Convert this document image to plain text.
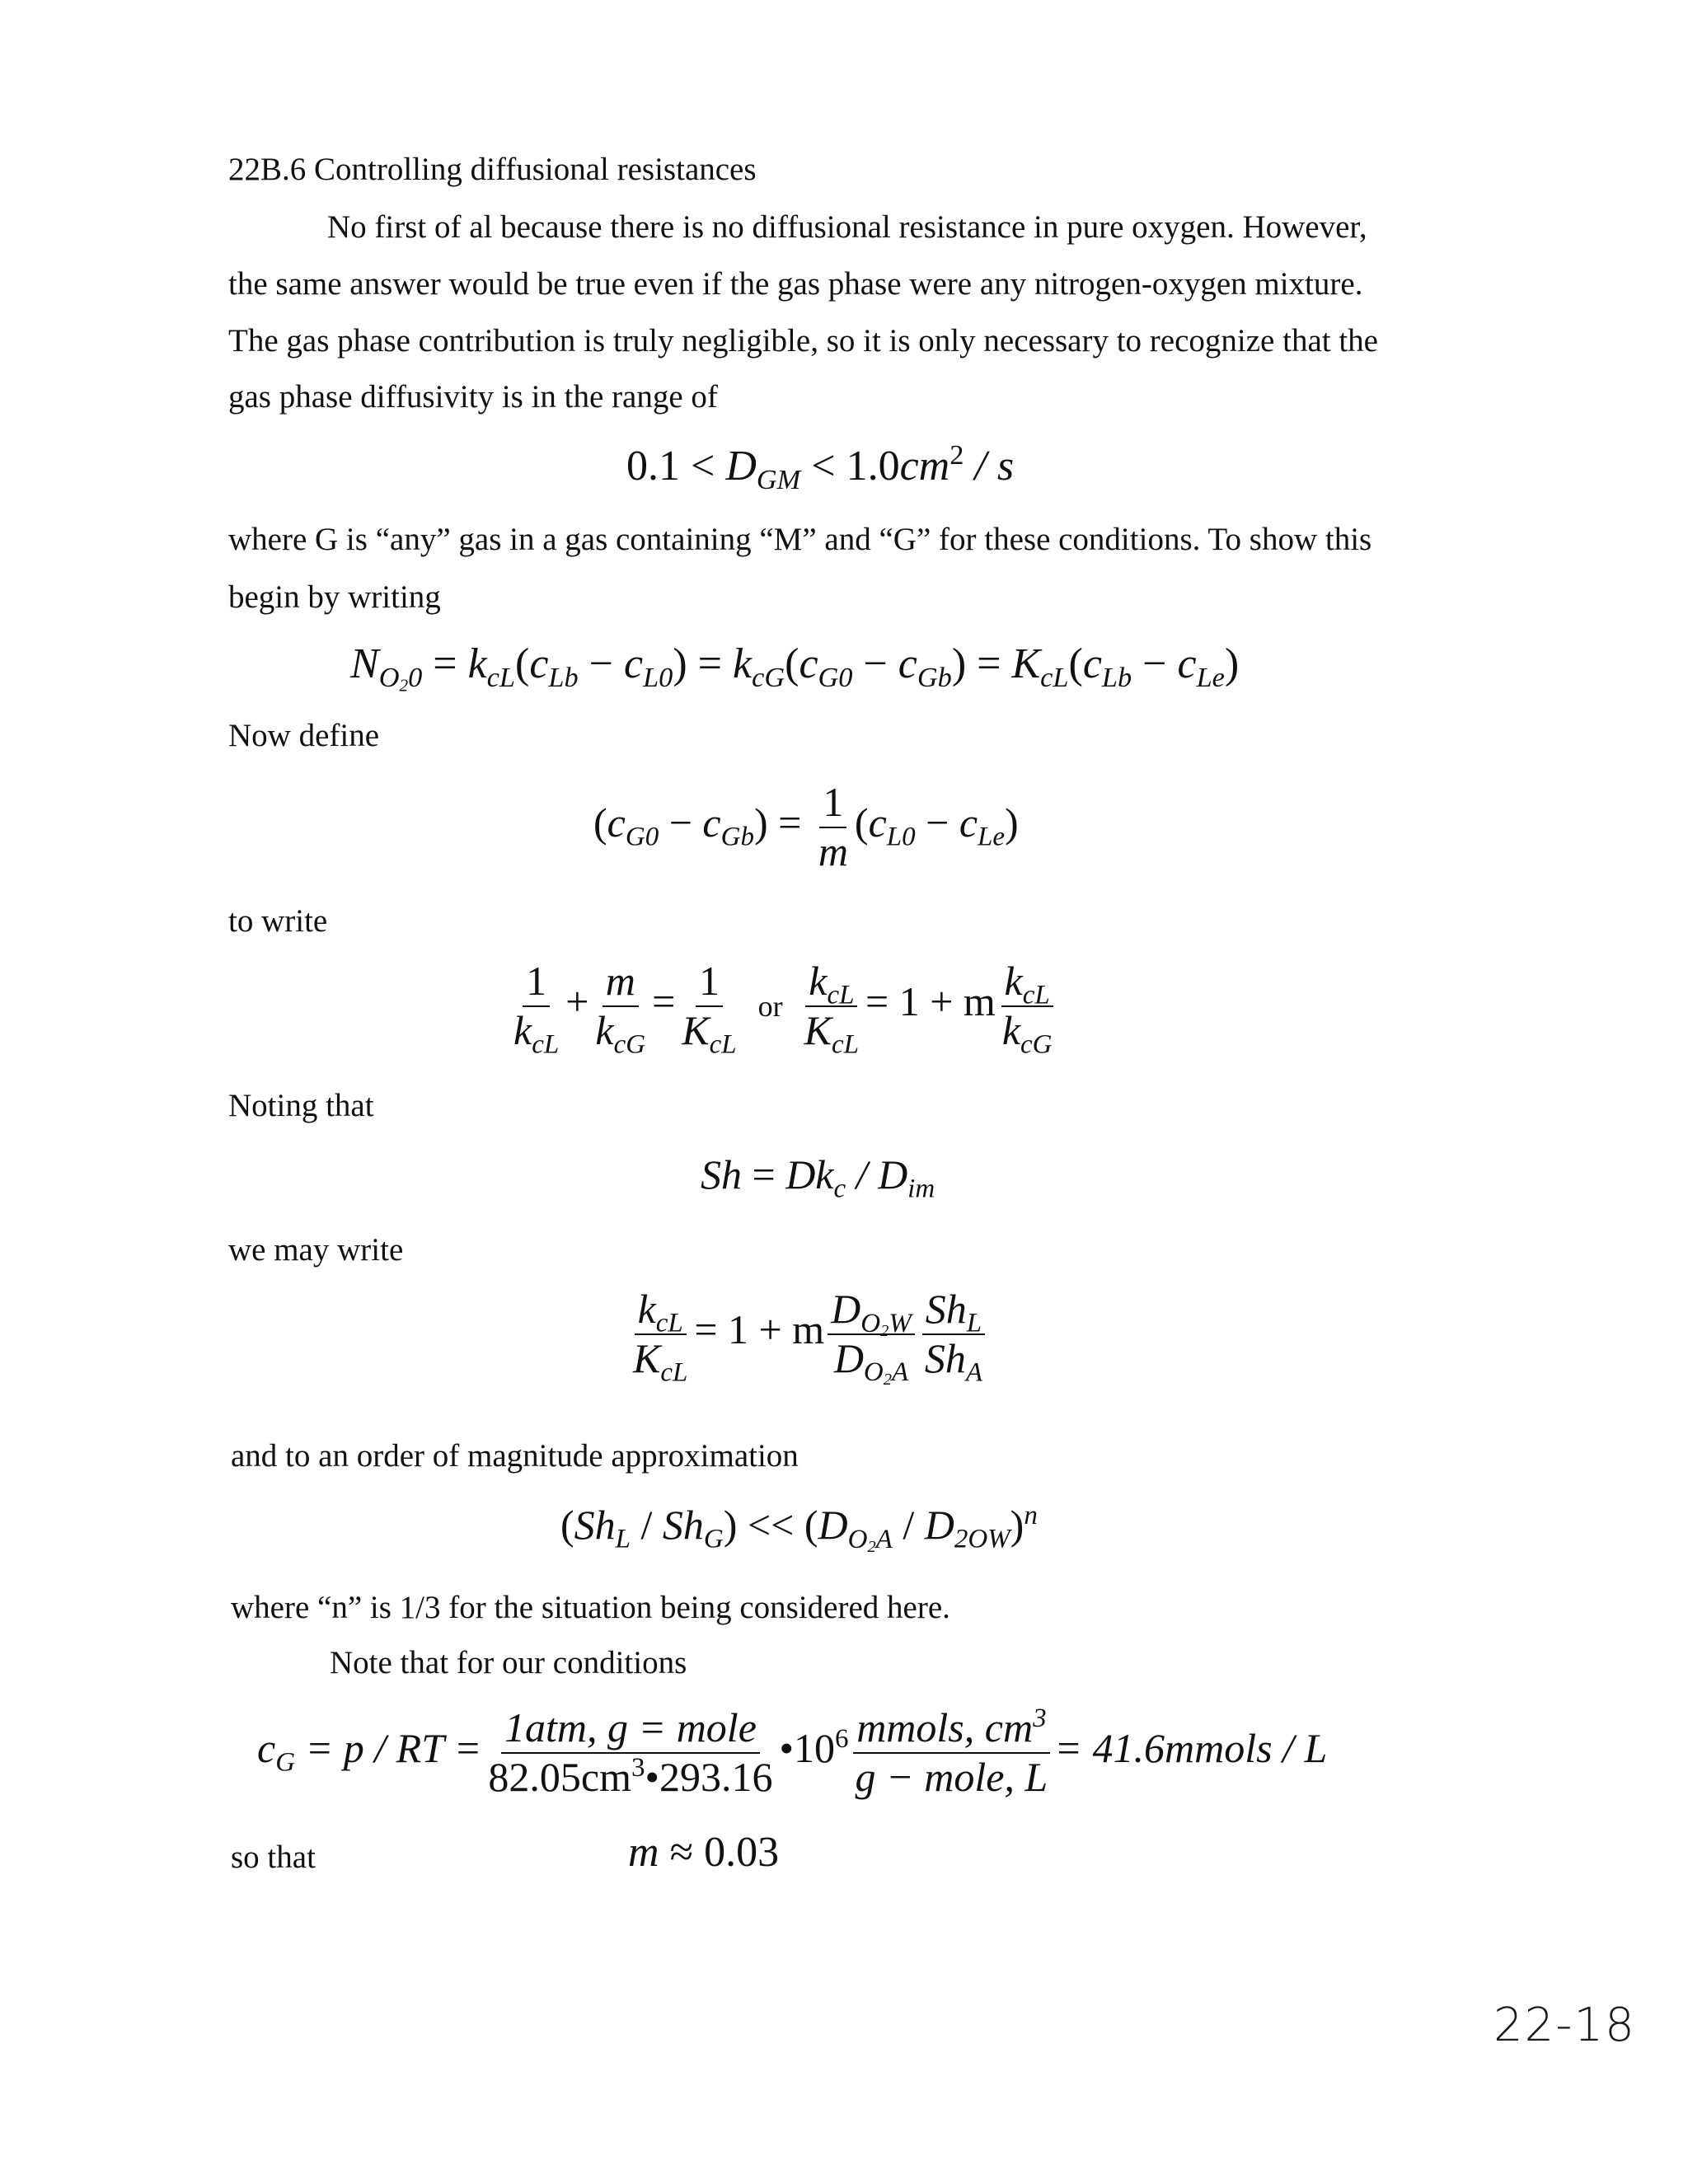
22B.6 Controlling diffusional resistances
No first of al because there is no diffusional resistance in pure oxygen. However,
the same answer would be true even if the gas phase were any nitrogen-oxygen mixture.
The gas phase contribution is truly negligible, so it is only necessary to recognize that the
gas phase diffusivity is in the range of
$0.1 < D_{GM} < 1.0cm^2 / s$
where G is “any” gas in a gas containing “M” and “G” for these conditions. To show this
begin by writing
$N_{O20} = k_{cL}(c_{Lb} - c_{L0}) = k_{cG}(c_{G0} - c_{Gb}) = K_{cL}(c_{Lb} - c_{Le})$
Now define
$(c_{G0} - c_{Gb}) = \frac{1}{m} (c_{L0} - c_{Le})$
to write
$\frac{1}{k_{cL}} + \frac{m}{k_{cG}} = \frac{1}{K_{cL}}$ or $\frac{k_{cL}}{K_{cL}} = 1 + m \frac{k_{cL}}{k_{cG}}$
Noting that
$Sh = Dk_c / D_{im}$
we may write
$\frac{k_{cL}}{K_{cL}} = 1 + m \frac{D_{O2W}}{D_{O2A}} \frac{Sh_L}{Sh_A}$
and to an order of magnitude approximation
$(Sh_L / Sh_G) << (D_{O2A} / D_{2OW})^n$
where “n” is 1/3 for the situation being considered here.
Note that for our conditions
$c_G = p$ / RT = $\frac{\text{1atm, g = mole}}{82.05cm^3•293.16}$ $•10^6 \frac{mmols, cm^3}{\text{g − mole, L}}$ = 41.6mmols / L
so that	m ≈ 0.03
22-18
